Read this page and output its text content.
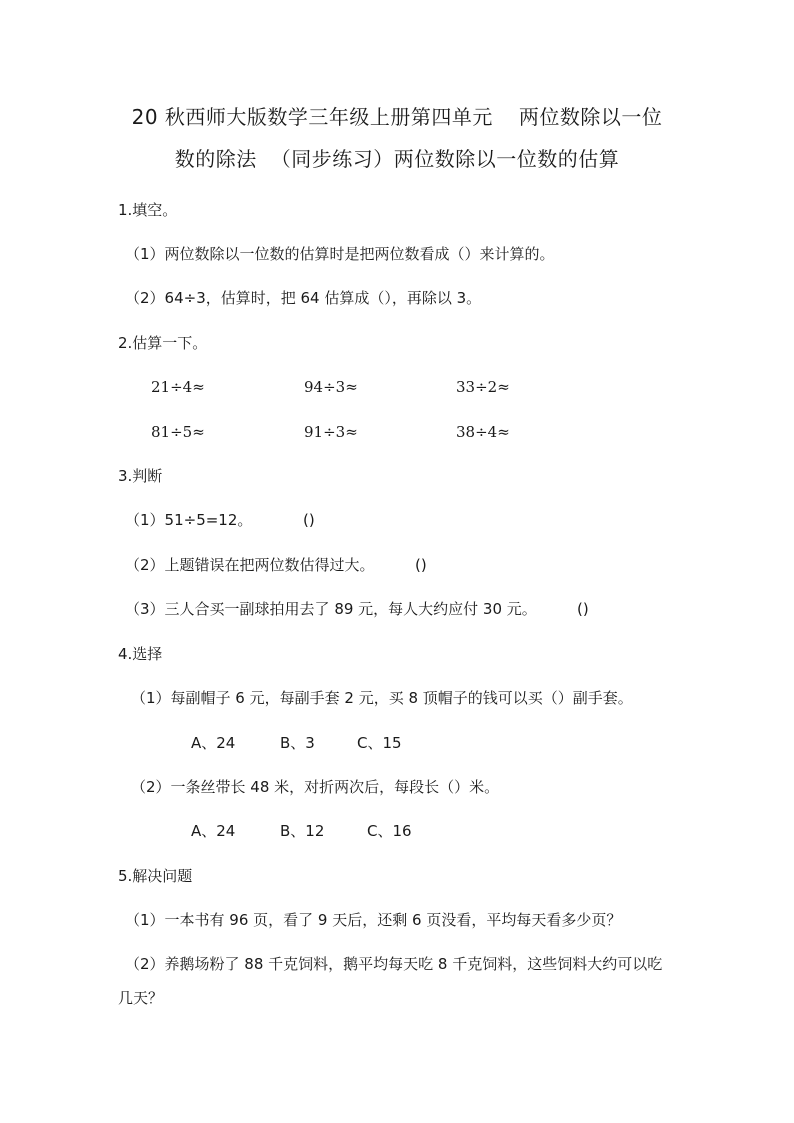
20 秋西师大版数学三年级上册第四单元 两位数除以一位
数的除法 （同步练习）两位数除以一位数的估算
1.填空。
（1）两位数除以一位数的估算时是把两位数看成（）来计算的。
（2）64÷3，估算时，把 64 估算成（），再除以 3。
2.估算一下。
21÷4≈	94÷3≈	33÷2≈
81÷5≈	91÷3≈	38÷4≈
3.判断
（1）51÷5=12。	()
（2）上题错误在把两位数估得过大。	()
（3）三人合买一副球拍用去了 89 元，每人大约应付 30 元。	()
4.选择
（1）每副帽子 6 元，每副手套 2 元，买 8 顶帽子的钱可以买（）副手套。
A、24	B、3	C、15
（2）一条丝带长 48 米，对折两次后，每段长（）米。
A、24	B、12	C、16
5.解决问题
（1）一本书有 96 页，看了 9 天后，还剩 6 页没看，平均每天看多少页？
（2）养鹅场粉了 88 千克饲料，鹅平均每天吃 8 千克饲料，这些饲料大约可以吃
几天？
